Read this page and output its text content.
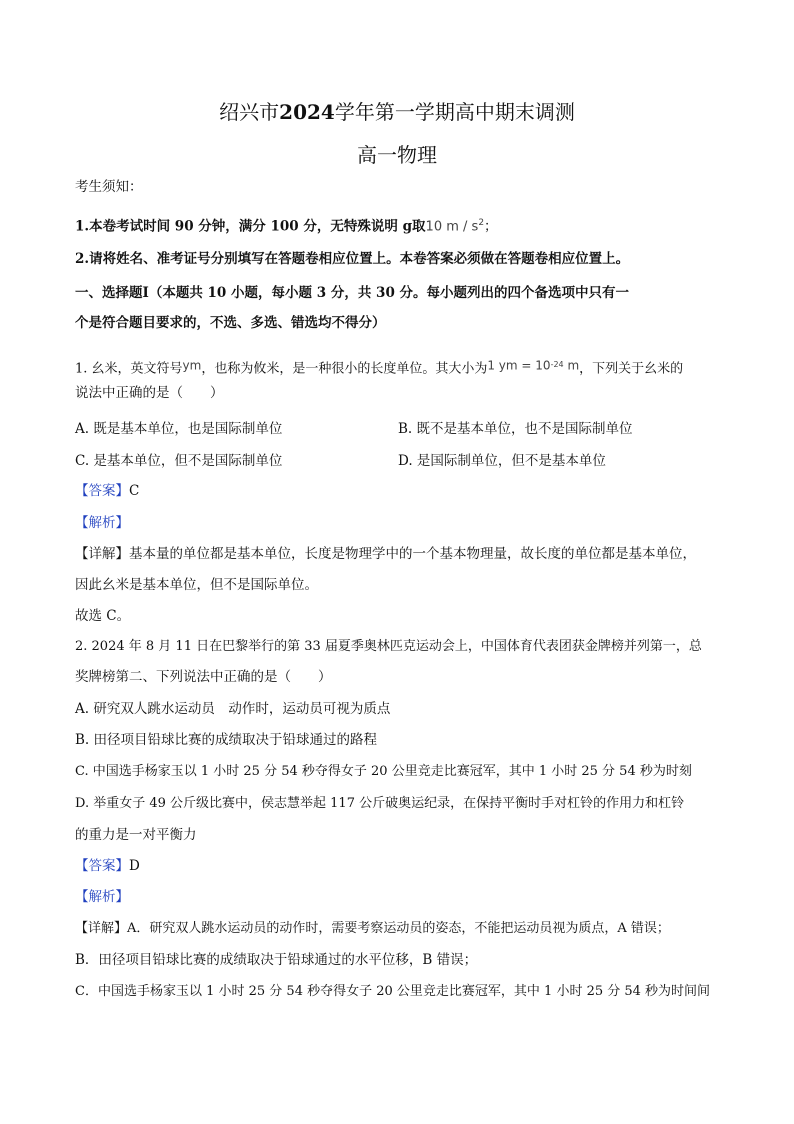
绍兴市2024学年第一学期高中期末调测
高一物理
考生须知：
1.本卷考试时间 90 分钟，满分 100 分，无特殊说明 g取10 m / $s^2$；
2.请将姓名、准考证号分别填写在答题卷相应位置上。本卷答案必须做在答题卷相应位置上。
一、选择题Ⅰ（本题共 10 小题，每小题 3 分，共 30 分。每小题列出的四个备选项中只有一
个是符合题目要求的，不选、多选、错选均不得分）
1. 幺米，英文符号ym，也称为攸米，是一种很小的长度单位。其大小为1 ym = $10^{-24}$ m，下列关于幺米的
说法中正确的是（　　）
A. 既是基本单位，也是国际制单位	B. 既不是基本单位，也不是国际制单位
C. 是基本单位，但不是国际制单位	D. 是国际制单位，但不是基本单位
【答案】C
【解析】
【详解】基本量的单位都是基本单位，长度是物理学中的一个基本物理量，故长度的单位都是基本单位，
因此幺米是基本单位，但不是国际单位。
故选 C。
2. 2024 年 8 月 11 日在巴黎举行的第 33 届夏季奥林匹克运动会上，中国体育代表团获金牌榜并列第一，总
奖牌榜第二、下列说法中正确的是（　　）
A. 研究双人跳水运动员　动作时，运动员可视为质点
B. 田径项目铅球比赛的成绩取决于铅球通过的路程
C. 中国选手杨家玉以 1 小时 25 分 54 秒夺得女子 20 公里竞走比赛冠军，其中 1 小时 25 分 54 秒为时刻
D. 举重女子 49 公斤级比赛中，侯志慧举起 117 公斤破奥运纪录，在保持平衡时手对杠铃的作用力和杠铃
的重力是一对平衡力
【答案】D
【解析】
【详解】A．研究双人跳水运动员的动作时，需要考察运动员的姿态，不能把运动员视为质点，A 错误；
B．田径项目铅球比赛的成绩取决于铅球通过的水平位移，B 错误；
C．中国选手杨家玉以 1 小时 25 分 54 秒夺得女子 20 公里竞走比赛冠军，其中 1 小时 25 分 54 秒为时间间
